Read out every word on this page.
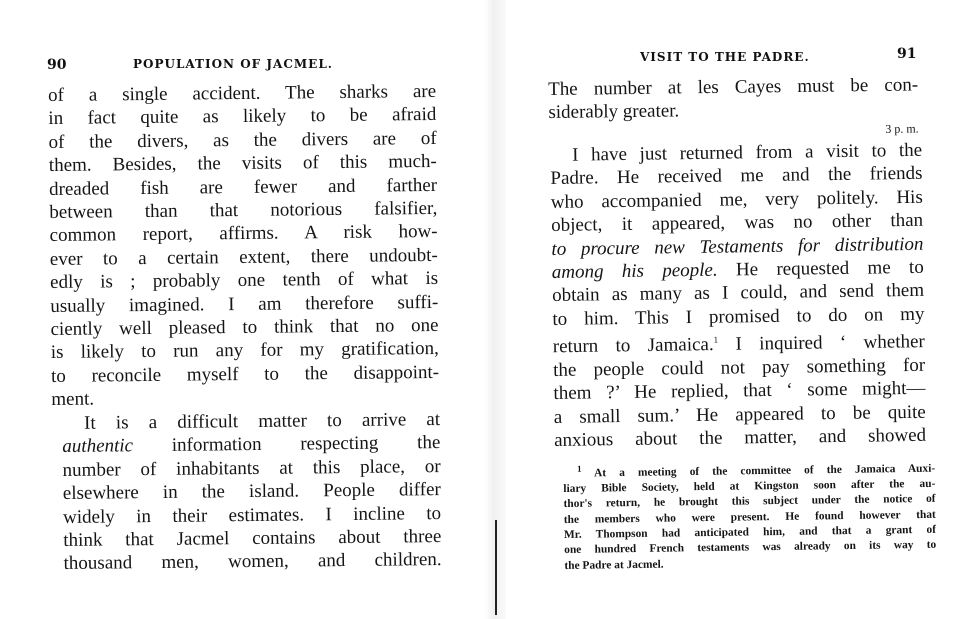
90	POPULATION OF JACMEL.
of a single accident. The sharks are
in fact quite as likely to be afraid
of the divers, as the divers are of
them. Besides, the visits of this much-
dreaded fish are fewer and farther
between than that notorious falsifier,
common report, affirms. A risk how-
ever to a certain extent, there undoubt-
edly is ; probably one tenth of what is
usually imagined. I am therefore suffi-
ciently well pleased to think that no one
is likely to run any for my gratification,
to reconcile myself to the disappoint-
ment.
It is a difficult matter to arrive at
authentic information respecting the
number of inhabitants at this place, or
elsewhere in the island. People differ
widely in their estimates. I incline to
think that Jacmel contains about three
thousand men, women, and children.
VISIT TO THE PADRE.	91
The number at les Cayes must be con-
siderably greater.
3 p. m.
I have just returned from a visit to the
Padre. He received me and the friends
who accompanied me, very politely. His
object, it appeared, was no other than
to procure new Testaments for distribution
among his people. He requested me to
obtain as many as I could, and send them
to him. This I promised to do on my
return to Jamaica.$^1$ I inquired ‘ whether
the people could not pay something for
them ?’ He replied, that ‘ some might—
a small sum.’ He appeared to be quite
anxious about the matter, and showed
$^1$ At a meeting of the committee of the Jamaica Auxi-
liary Bible Society, held at Kingston soon after the au-
thor's return, he brought this subject under the notice of
the members who were present. He found however that
Mr. Thompson had anticipated him, and that a grant of
one hundred French testaments was already on its way to
the Padre at Jacmel.
